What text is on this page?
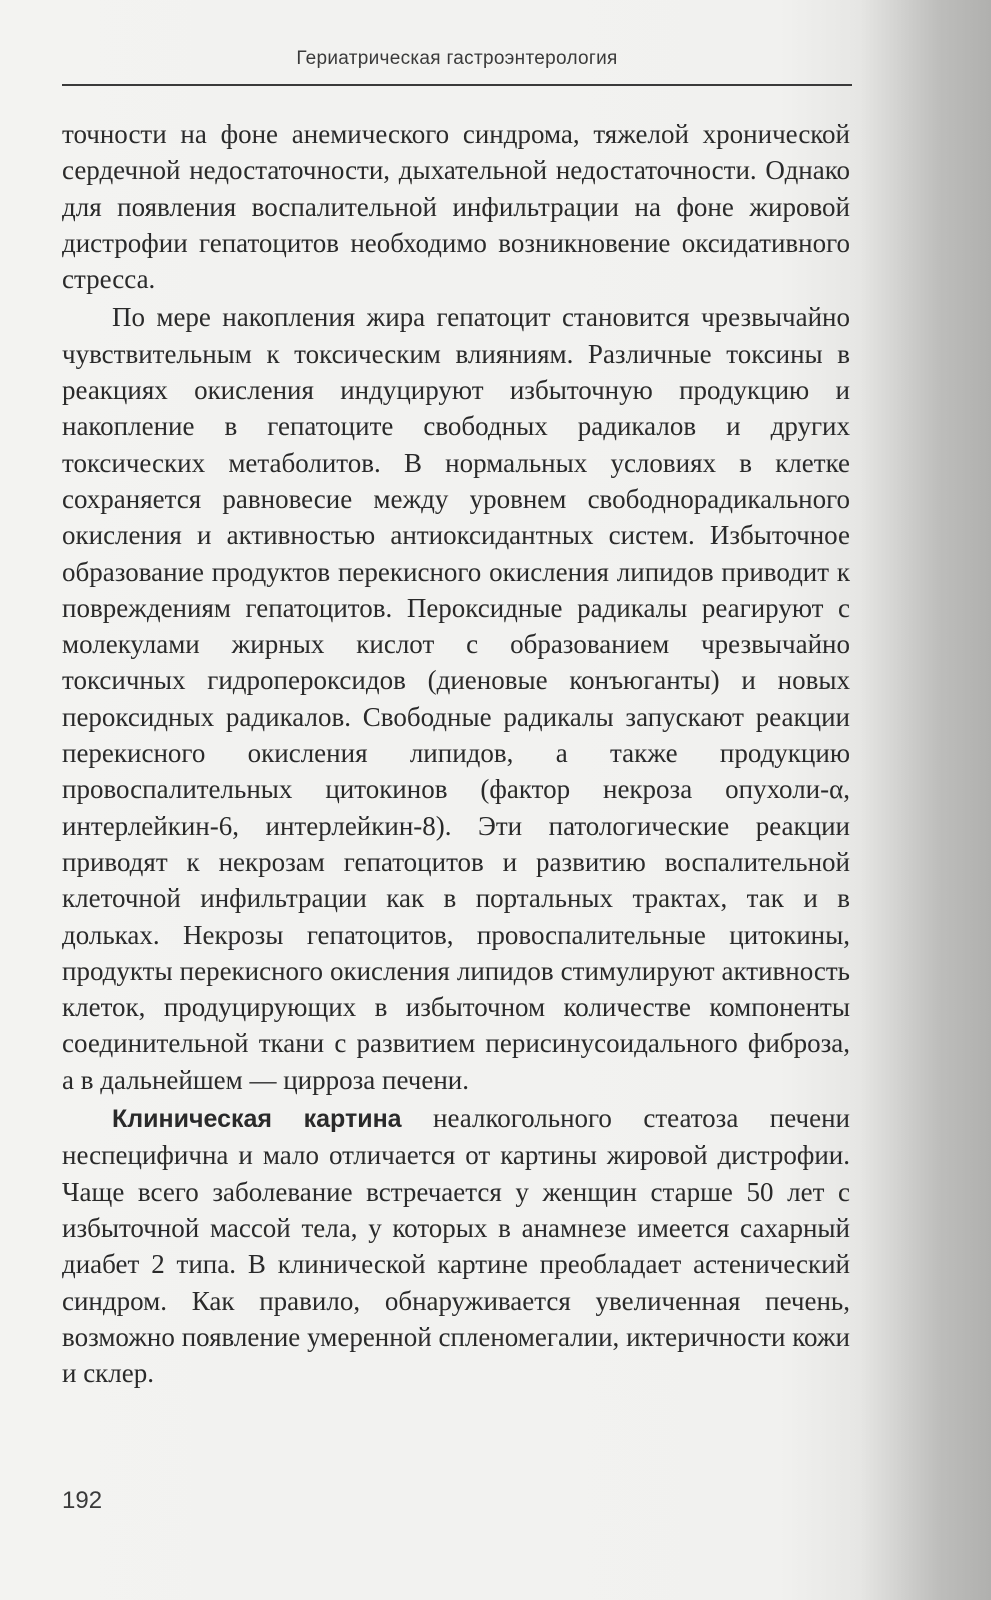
Гериатрическая гастроэнтерология

точности на фоне анемического синдрома, тяжелой хронической сердечной недостаточности, дыхательной недостаточности. Однако для появления воспалительной инфильтрации на фоне жировой дистрофии гепатоцитов необходимо возникновение оксидативного стресса.

По мере накопления жира гепатоцит становится чрезвычайно чувствительным к токсическим влияниям. Различные токсины в реакциях окисления индуцируют избыточную продукцию и накопление в гепатоците свободных радикалов и других токсических метаболитов. В нормальных условиях в клетке сохраняется равновесие между уровнем свободнорадикального окисления и активностью антиоксидантных систем. Избыточное образование продуктов перекисного окисления липидов приводит к повреждениям гепатоцитов. Пероксидные радикалы реагируют с молекулами жирных кислот с образованием чрезвычайно токсичных гидропероксидов (диеновые конъюганты) и новых пероксидных радикалов. Свободные радикалы запускают реакции перекисного окисления липидов, а также продукцию провоспалительных цитокинов (фактор некроза опухоли-α, интерлейкин-6, интерлейкин-8). Эти патологические реакции приводят к некрозам гепатоцитов и развитию воспалительной клеточной инфильтрации как в портальных трактах, так и в дольках. Некрозы гепатоцитов, провоспалительные цитокины, продукты перекисного окисления липидов стимулируют активность клеток, продуцирующих в избыточном количестве компоненты соединительной ткани с развитием перисинусоидального фиброза, а в дальнейшем — цирроза печени.

Клиническая картина неалкогольного стеатоза печени неспецифична и мало отличается от картины жировой дистрофии. Чаще всего заболевание встречается у женщин старше 50 лет с избыточной массой тела, у которых в анамнезе имеется сахарный диабет 2 типа. В клинической картине преобладает астенический синдром. Как правило, обнаруживается увеличенная печень, возможно появление умеренной спленомегалии, иктеричности кожи и склер.

192
